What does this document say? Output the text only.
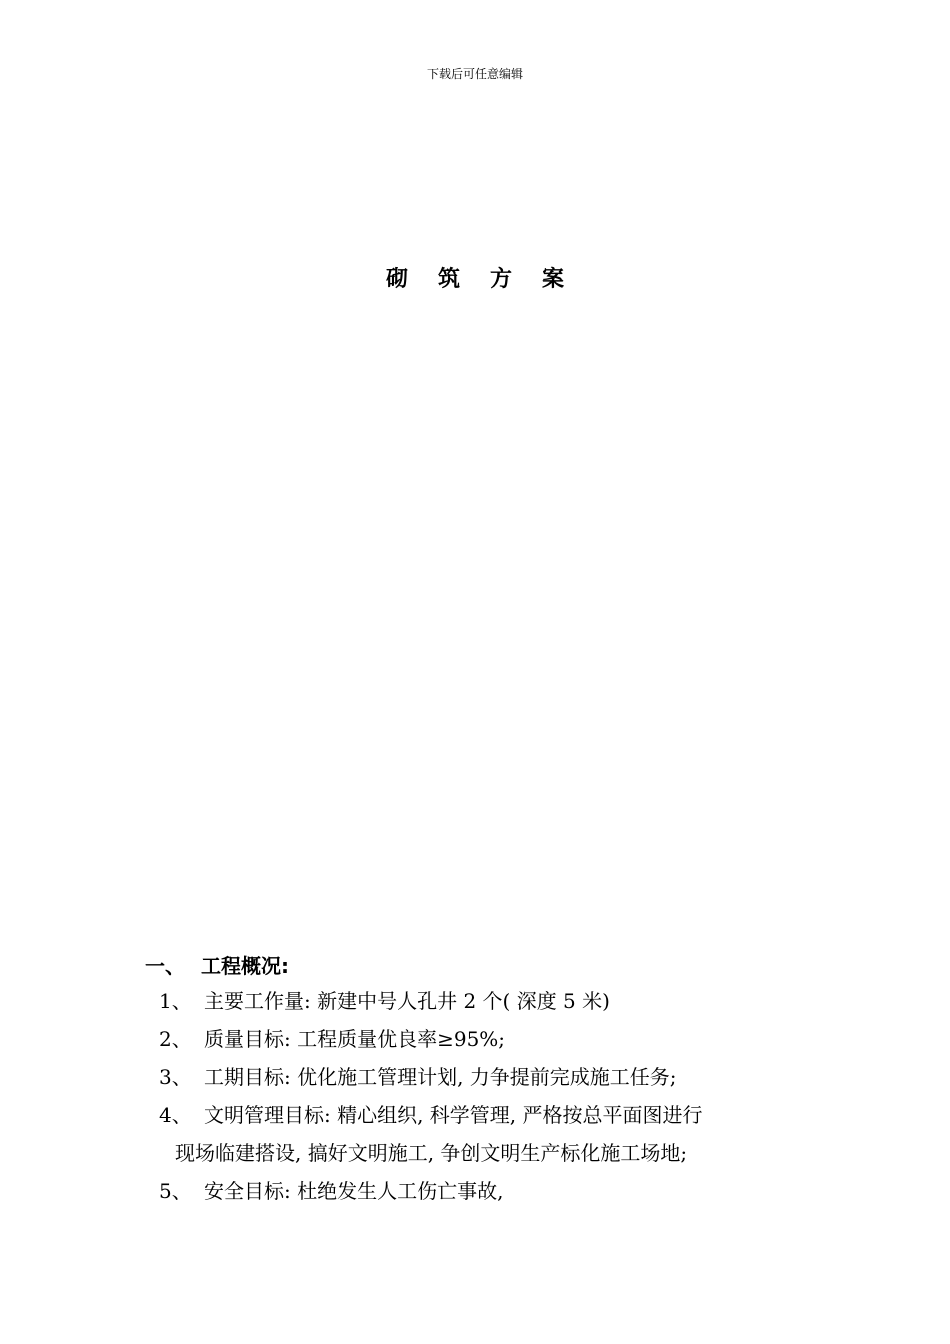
下载后可任意编辑
砌筑方案
一、 工程概况:
1、 主要工作量: 新建中号人孔井 2 个( 深度 5 米)
2、 质量目标: 工程质量优良率≥95%;
3、 工期目标: 优化施工管理计划, 力争提前完成施工任务;
4、 文明管理目标: 精心组织, 科学管理, 严格按总平面图进行
现场临建搭设, 搞好文明施工, 争创文明生产标化施工场地;
5、 安全目标: 杜绝发生人工伤亡事故,
